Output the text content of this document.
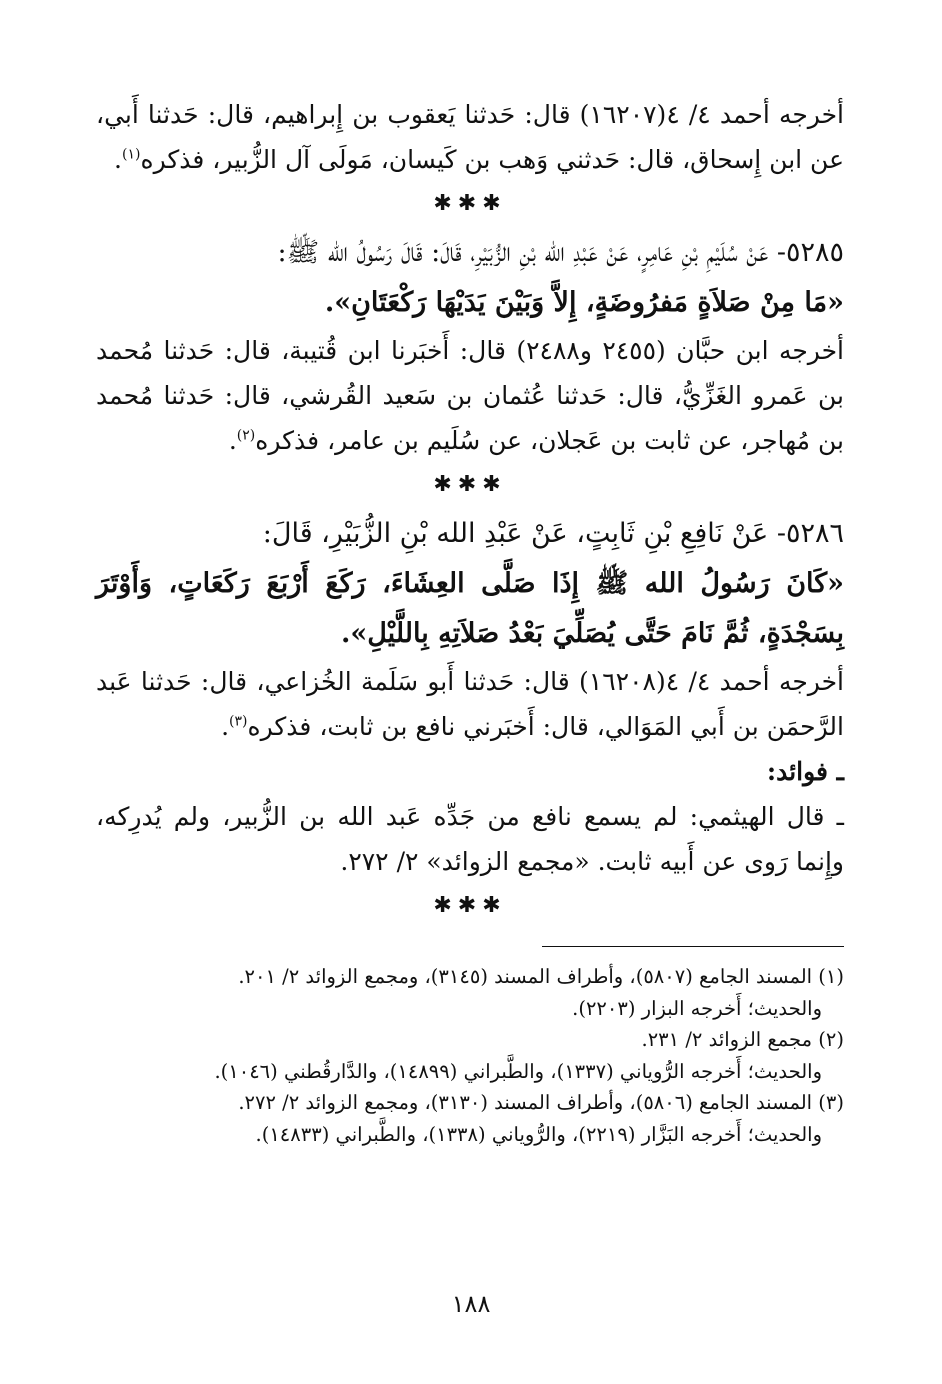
أخرجه أحمد ٤/ ٤(١٦٢٠٧) قال: حَدثنا يَعقوب بن إِبراهيم، قال: حَدثنا أَبي، عن ابن إِسحاق، قال: حَدثني وَهب بن كَيسان، مَولَى آل الزُّبير، فذكره$^{(١)}$.

✱✱✱

٥٢٨٥- عَنْ سُلَيْمِ بْنِ عَامِرٍ، عَنْ عَبْدِ الله بْنِ الزُّبَيْرِ، قَالَ: قَالَ رَسُولُ الله ﷺ:

«مَا مِنْ صَلاَةٍ مَفرُوضَةٍ، إِلاَّ وَبَيْنَ يَدَيْهَا رَكْعَتَانِ».

أخرجه ابن حبَّان (٢٤٥٥ و٢٤٨٨) قال: أَخبَرنا ابن قُتيبة، قال: حَدثنا مُحمد بن عَمرو الغَزِّيُّ، قال: حَدثنا عُثمان بن سَعيد القُرشي، قال: حَدثنا مُحمد بن مُهاجر، عن ثابت بن عَجلان، عن سُلَيم بن عامر، فذكره$^{(٢)}$.

✱✱✱

٥٢٨٦- عَنْ نَافِعِ بْنِ ثَابِتٍ، عَنْ عَبْدِ الله بْنِ الزُّبَيْرِ، قَالَ:

«كَانَ رَسُولُ الله ﷺ إِذَا صَلَّى العِشَاءَ، رَكَعَ أَرْبَعَ رَكَعَاتٍ، وَأَوْتَرَ بِسَجْدَةٍ، ثُمَّ نَامَ حَتَّى يُصَلِّيَ بَعْدُ صَلاَتِهِ بِاللَّيْلِ».

أخرجه أحمد ٤/ ٤(١٦٢٠٨) قال: حَدثنا أَبو سَلَمة الخُزاعي، قال: حَدثنا عَبد الرَّحمَن بن أَبي المَوَالي، قال: أَخبَرني نافع بن ثابت، فذكره$^{(٣)}$.

ـ فوائد:

ـ قال الهيثمي: لم يسمع نافع من جَدِّه عَبد الله بن الزُّبير، ولم يُدرِكه، وإِنما رَوى عن أَبيه ثابت. «مجمع الزوائد» ٢/ ٢٧٢.

✱✱✱

(١) المسند الجامع (٥٨٠٧)، وأطراف المسند (٣١٤٥)، ومجمع الزوائد ٢/ ٢٠١.

والحديث؛ أَخرجه البزار (٢٢٠٣).

(٢) مجمع الزوائد ٢/ ٢٣١.

والحديث؛ أَخرجه الرُّوياني (١٣٣٧)، والطَّبراني (١٤٨٩٩)، والدَّارقُطني (١٠٤٦).

(٣) المسند الجامع (٥٨٠٦)، وأطراف المسند (٣١٣٠)، ومجمع الزوائد ٢/ ٢٧٢.

والحديث؛ أَخرجه البَزَّار (٢٢١٩)، والرُّوياني (١٣٣٨)، والطَّبراني (١٤٨٣٣).

١٨٨
